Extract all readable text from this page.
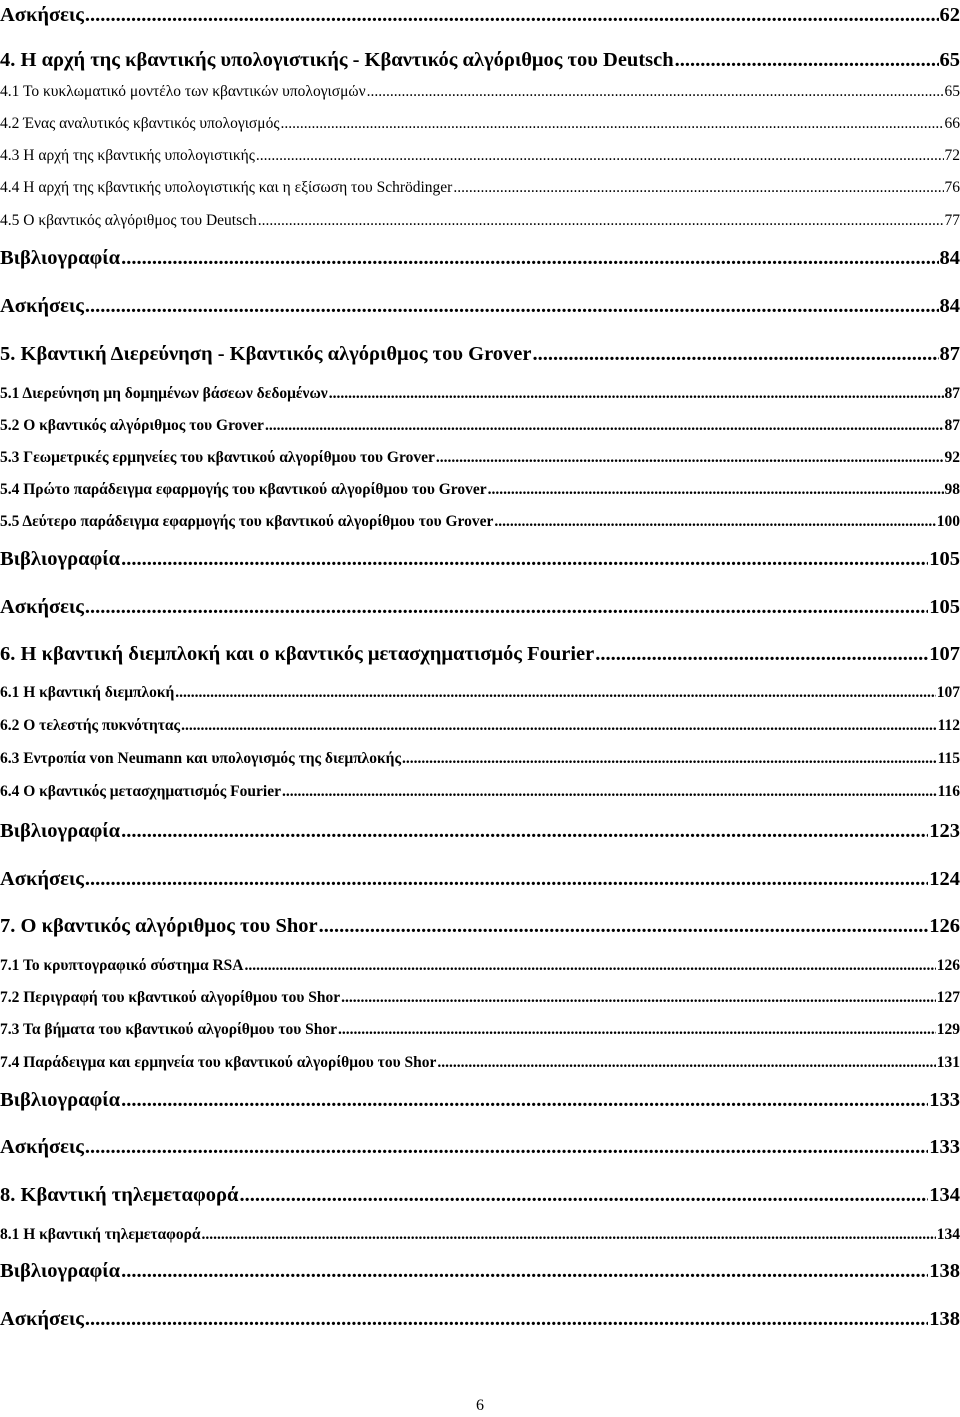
Ασκήσεις .....	62
4. Η αρχή της κβαντικής υπολογιστικής - Κβαντικός αλγόριθμος του Deutsch .....	65
4.1 Το κυκλωματικό μοντέλο των κβαντικών υπολογισμών .....	65
4.2 Ένας αναλυτικός κβαντικός υπολογισμός .....	66
4.3 Η αρχή της κβαντικής υπολογιστικής .....	72
4.4 Η αρχή της κβαντικής υπολογιστικής και η εξίσωση του Schrödinger .....	76
4.5 Ο κβαντικός αλγόριθμος του Deutsch .....	77
Βιβλιογραφία .....	84
Ασκήσεις .....	84
5. Κβαντική Διερεύνηση - Κβαντικός αλγόριθμος του Grover .....	87
5.1 Διερεύνηση μη δομημένων βάσεων δεδομένων .....	87
5.2 Ο κβαντικός αλγόριθμος του Grover .....	87
5.3 Γεωμετρικές ερμηνείες του κβαντικού αλγορίθμου του Grover .....	92
5.4 Πρώτο παράδειγμα εφαρμογής του κβαντικού αλγορίθμου του Grover .....	98
5.5 Δεύτερο παράδειγμα εφαρμογής του κβαντικού αλγορίθμου του Grover .....	100
Βιβλιογραφία .....	105
Ασκήσεις .....	105
6. Η κβαντική διεμπλοκή και ο κβαντικός μετασχηματισμός Fourier .....	107
6.1 Η κβαντική διεμπλοκή .....	107
6.2 Ο τελεστής πυκνότητας .....	112
6.3 Εντροπία von Neumann και υπολογισμός της διεμπλοκής .....	115
6.4 Ο κβαντικός μετασχηματισμός Fourier .....	116
Βιβλιογραφία .....	123
Ασκήσεις .....	124
7. Ο κβαντικός αλγόριθμος του Shor .....	126
7.1 Το κρυπτογραφικό σύστημα RSA .....	126
7.2 Περιγραφή του κβαντικού αλγορίθμου του Shor .....	127
7.3 Τα βήματα του κβαντικού αλγορίθμου του Shor .....	129
7.4 Παράδειγμα και ερμηνεία του κβαντικού αλγορίθμου του Shor .....	131
Βιβλιογραφία .....	133
Ασκήσεις .....	133
8. Κβαντική τηλεμεταφορά .....	134
8.1 Η κβαντική τηλεμεταφορά .....	134
Βιβλιογραφία .....	138
Ασκήσεις .....	138
6
